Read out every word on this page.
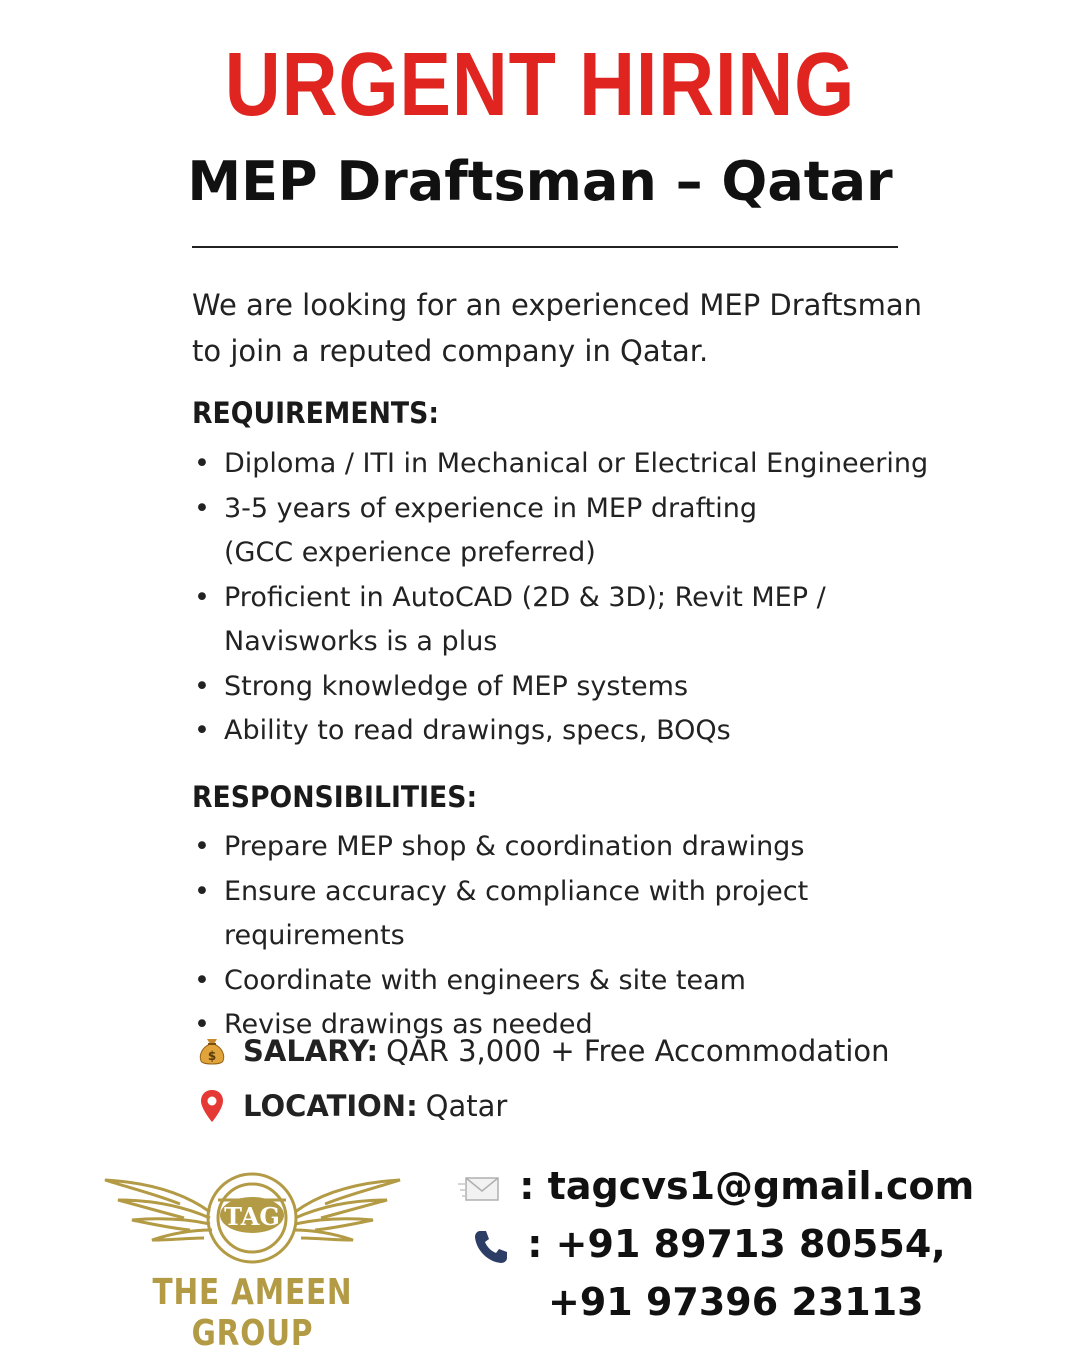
URGENT HIRING
MEP Draftsman – Qatar
We are looking for an experienced MEP Draftsman
to join a reputed company in Qatar.
REQUIREMENTS:
• Diploma / ITI in Mechanical or Electrical Engineering
• 3-5 years of experience in MEP drafting
(GCC experience preferred)
• Proficient in AutoCAD (2D & 3D); Revit MEP /
Navisworks is a plus
• Strong knowledge of MEP systems
• Ability to read drawings, specs, BOQs
RESPONSIBILITIES:
• Prepare MEP shop & coordination drawings
• Ensure accuracy & compliance with project requirements
• Coordinate with engineers & site team
• Revise drawings as needed
$ SALARY: QAR 3,000 + Free Accommodation
LOCATION: Qatar
TAG
THE AMEEN GROUP
: tagcvs1@gmail.com
: +91 89713 80554,
+91 97396 23113
